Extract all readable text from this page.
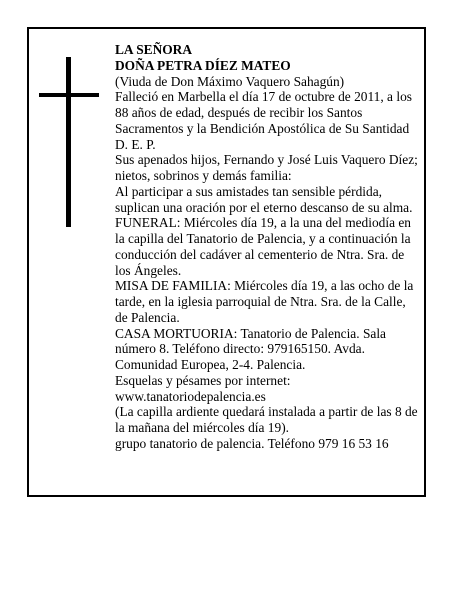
LA SEÑORA

DOÑA PETRA DÍEZ MATEO

(Viuda de Don Máximo Vaquero Sahagún)

Falleció en Marbella el día 17 de octubre de 2011, a los 88 años de edad, después de recibir los Santos Sacramentos y la Bendición Apostólica de Su Santidad

D. E. P.

Sus apenados hijos, Fernando y José Luis Vaquero Díez; nietos, sobrinos y demás familia:

Al participar a sus amistades tan sensible pérdida, suplican una oración por el eterno descanso de su alma.

FUNERAL: Miércoles día 19, a la una del mediodía en la capilla del Tanatorio de Palencia, y a continuación la conducción del cadáver al cementerio de Ntra. Sra. de los Ángeles.

MISA DE FAMILIA: Miércoles día 19, a las ocho de la tarde, en la iglesia parroquial de Ntra. Sra. de la Calle, de Palencia.

CASA MORTUORIA: Tanatorio de Palencia. Sala número 8. Teléfono directo: 979165150. Avda. Comunidad Europea, 2-4. Palencia.

Esquelas y pésames por internet:

www.tanatoriodepalencia.es

(La capilla ardiente quedará instalada a partir de las 8 de la mañana del miércoles día 19).

grupo tanatorio de palencia. Teléfono 979 16 53 16
